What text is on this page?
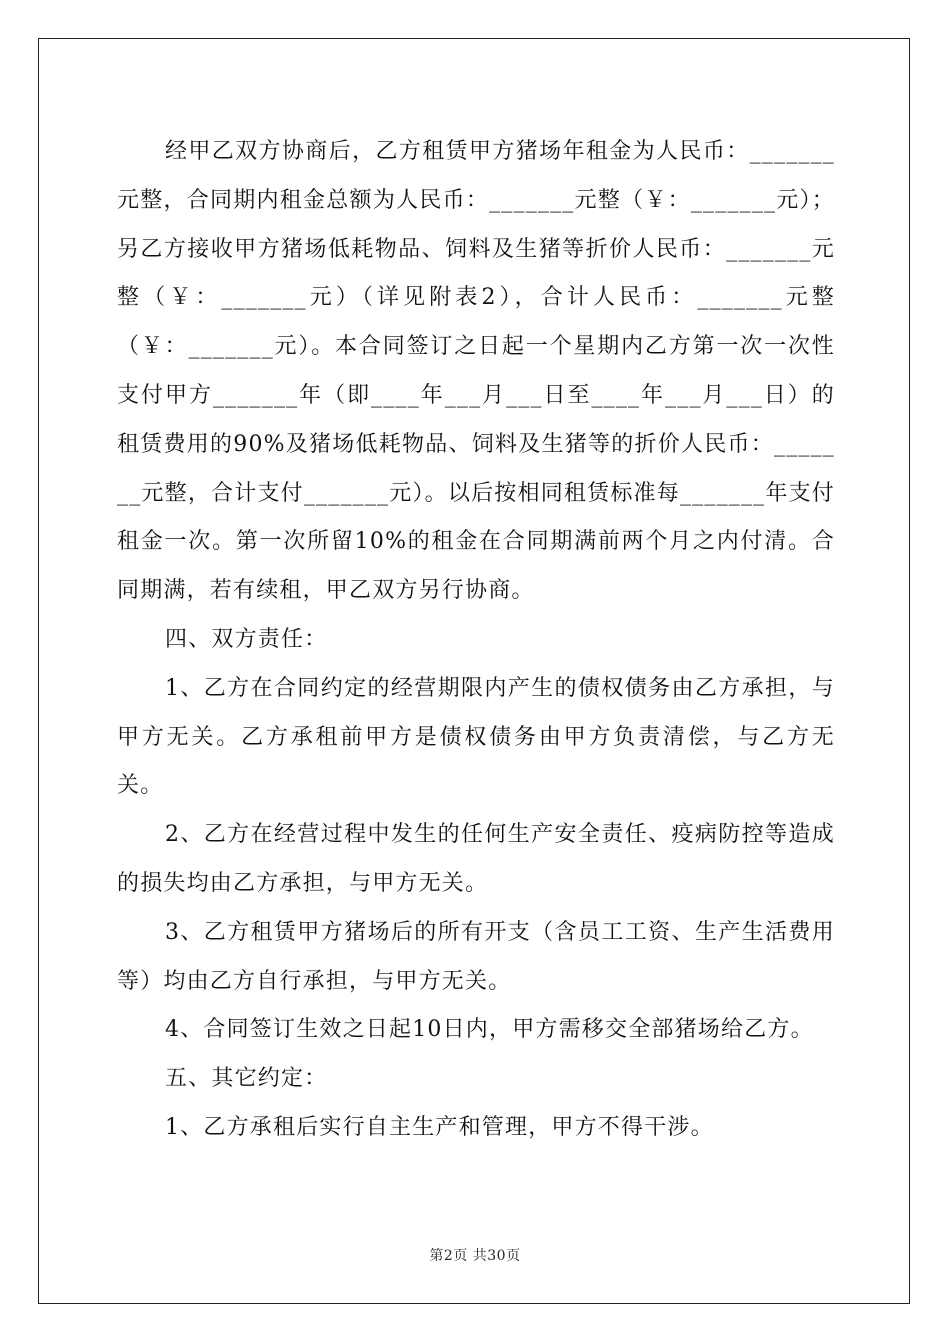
经甲乙双方协商后，乙方租赁甲方猪场年租金为人民币：_______元整，合同期内租金总额为人民币：_______元整（￥：_______元）；另乙方接收甲方猪场低耗物品、饲料及生猪等折价人民币：_______元整（￥：_______元）（详见附表2），合计人民币：_______元整（￥：_______元）。本合同签订之日起一个星期内乙方第一次一次性支付甲方_______年（即____年___月___日至____年___月___日）的租赁费用的90%及猪场低耗物品、饲料及生猪等的折价人民币：_______元整，合计支付_______元）。以后按相同租赁标准每_______年支付租金一次。第一次所留10%的租金在合同期满前两个月之内付清。合同期满，若有续租，甲乙双方另行协商。

四、双方责任：

1、乙方在合同约定的经营期限内产生的债权债务由乙方承担，与甲方无关。乙方承租前甲方是债权债务由甲方负责清偿，与乙方无关。

2、乙方在经营过程中发生的任何生产安全责任、疫病防控等造成的损失均由乙方承担，与甲方无关。

3、乙方租赁甲方猪场后的所有开支（含员工工资、生产生活费用等）均由乙方自行承担，与甲方无关。

4、合同签订生效之日起10日内，甲方需移交全部猪场给乙方。

五、其它约定：

1、乙方承租后实行自主生产和管理，甲方不得干涉。

第2页 共30页
